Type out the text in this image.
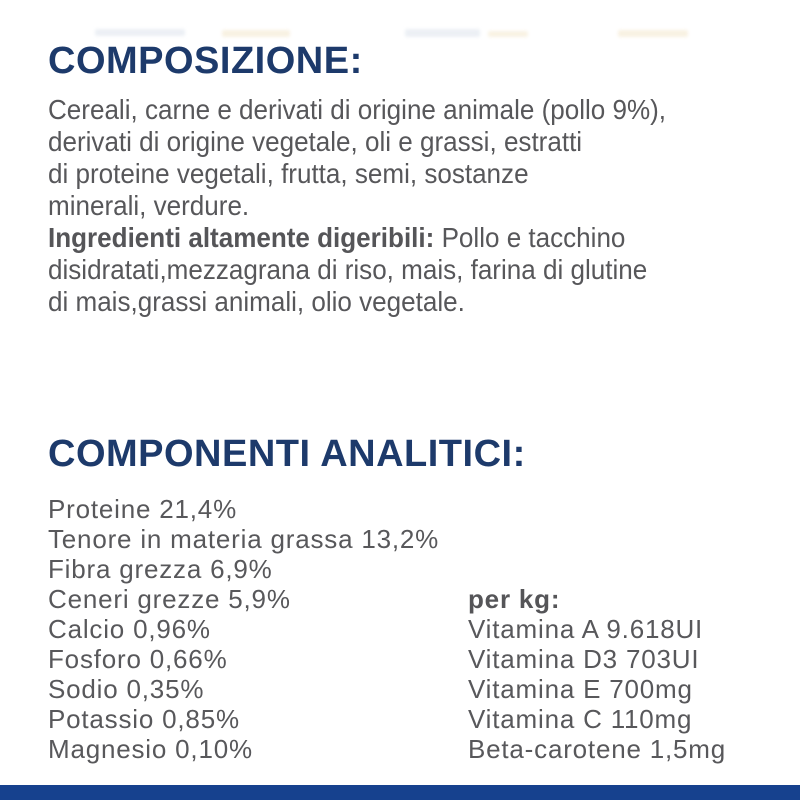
COMPOSIZIONE:
Cereali, carne e derivati di origine animale (pollo 9%),
derivati di origine vegetale, oli e grassi, estratti
di proteine vegetali, frutta, semi, sostanze
minerali, verdure.
Ingredienti altamente digeribili: Pollo e tacchino
disidratati,mezzagrana di riso, mais, farina di glutine
di mais,grassi animali, olio vegetale.
COMPONENTI ANALITICI:
Proteine 21,4%
Tenore in materia grassa 13,2%
Fibra grezza 6,9%
Ceneri grezze 5,9%
Calcio 0,96%
Fosforo 0,66%
Sodio 0,35%
Potassio 0,85%
Magnesio 0,10%
per kg:
Vitamina A 9.618UI
Vitamina D3 703UI
Vitamina E 700mg
Vitamina C 110mg
Beta-carotene 1,5mg
